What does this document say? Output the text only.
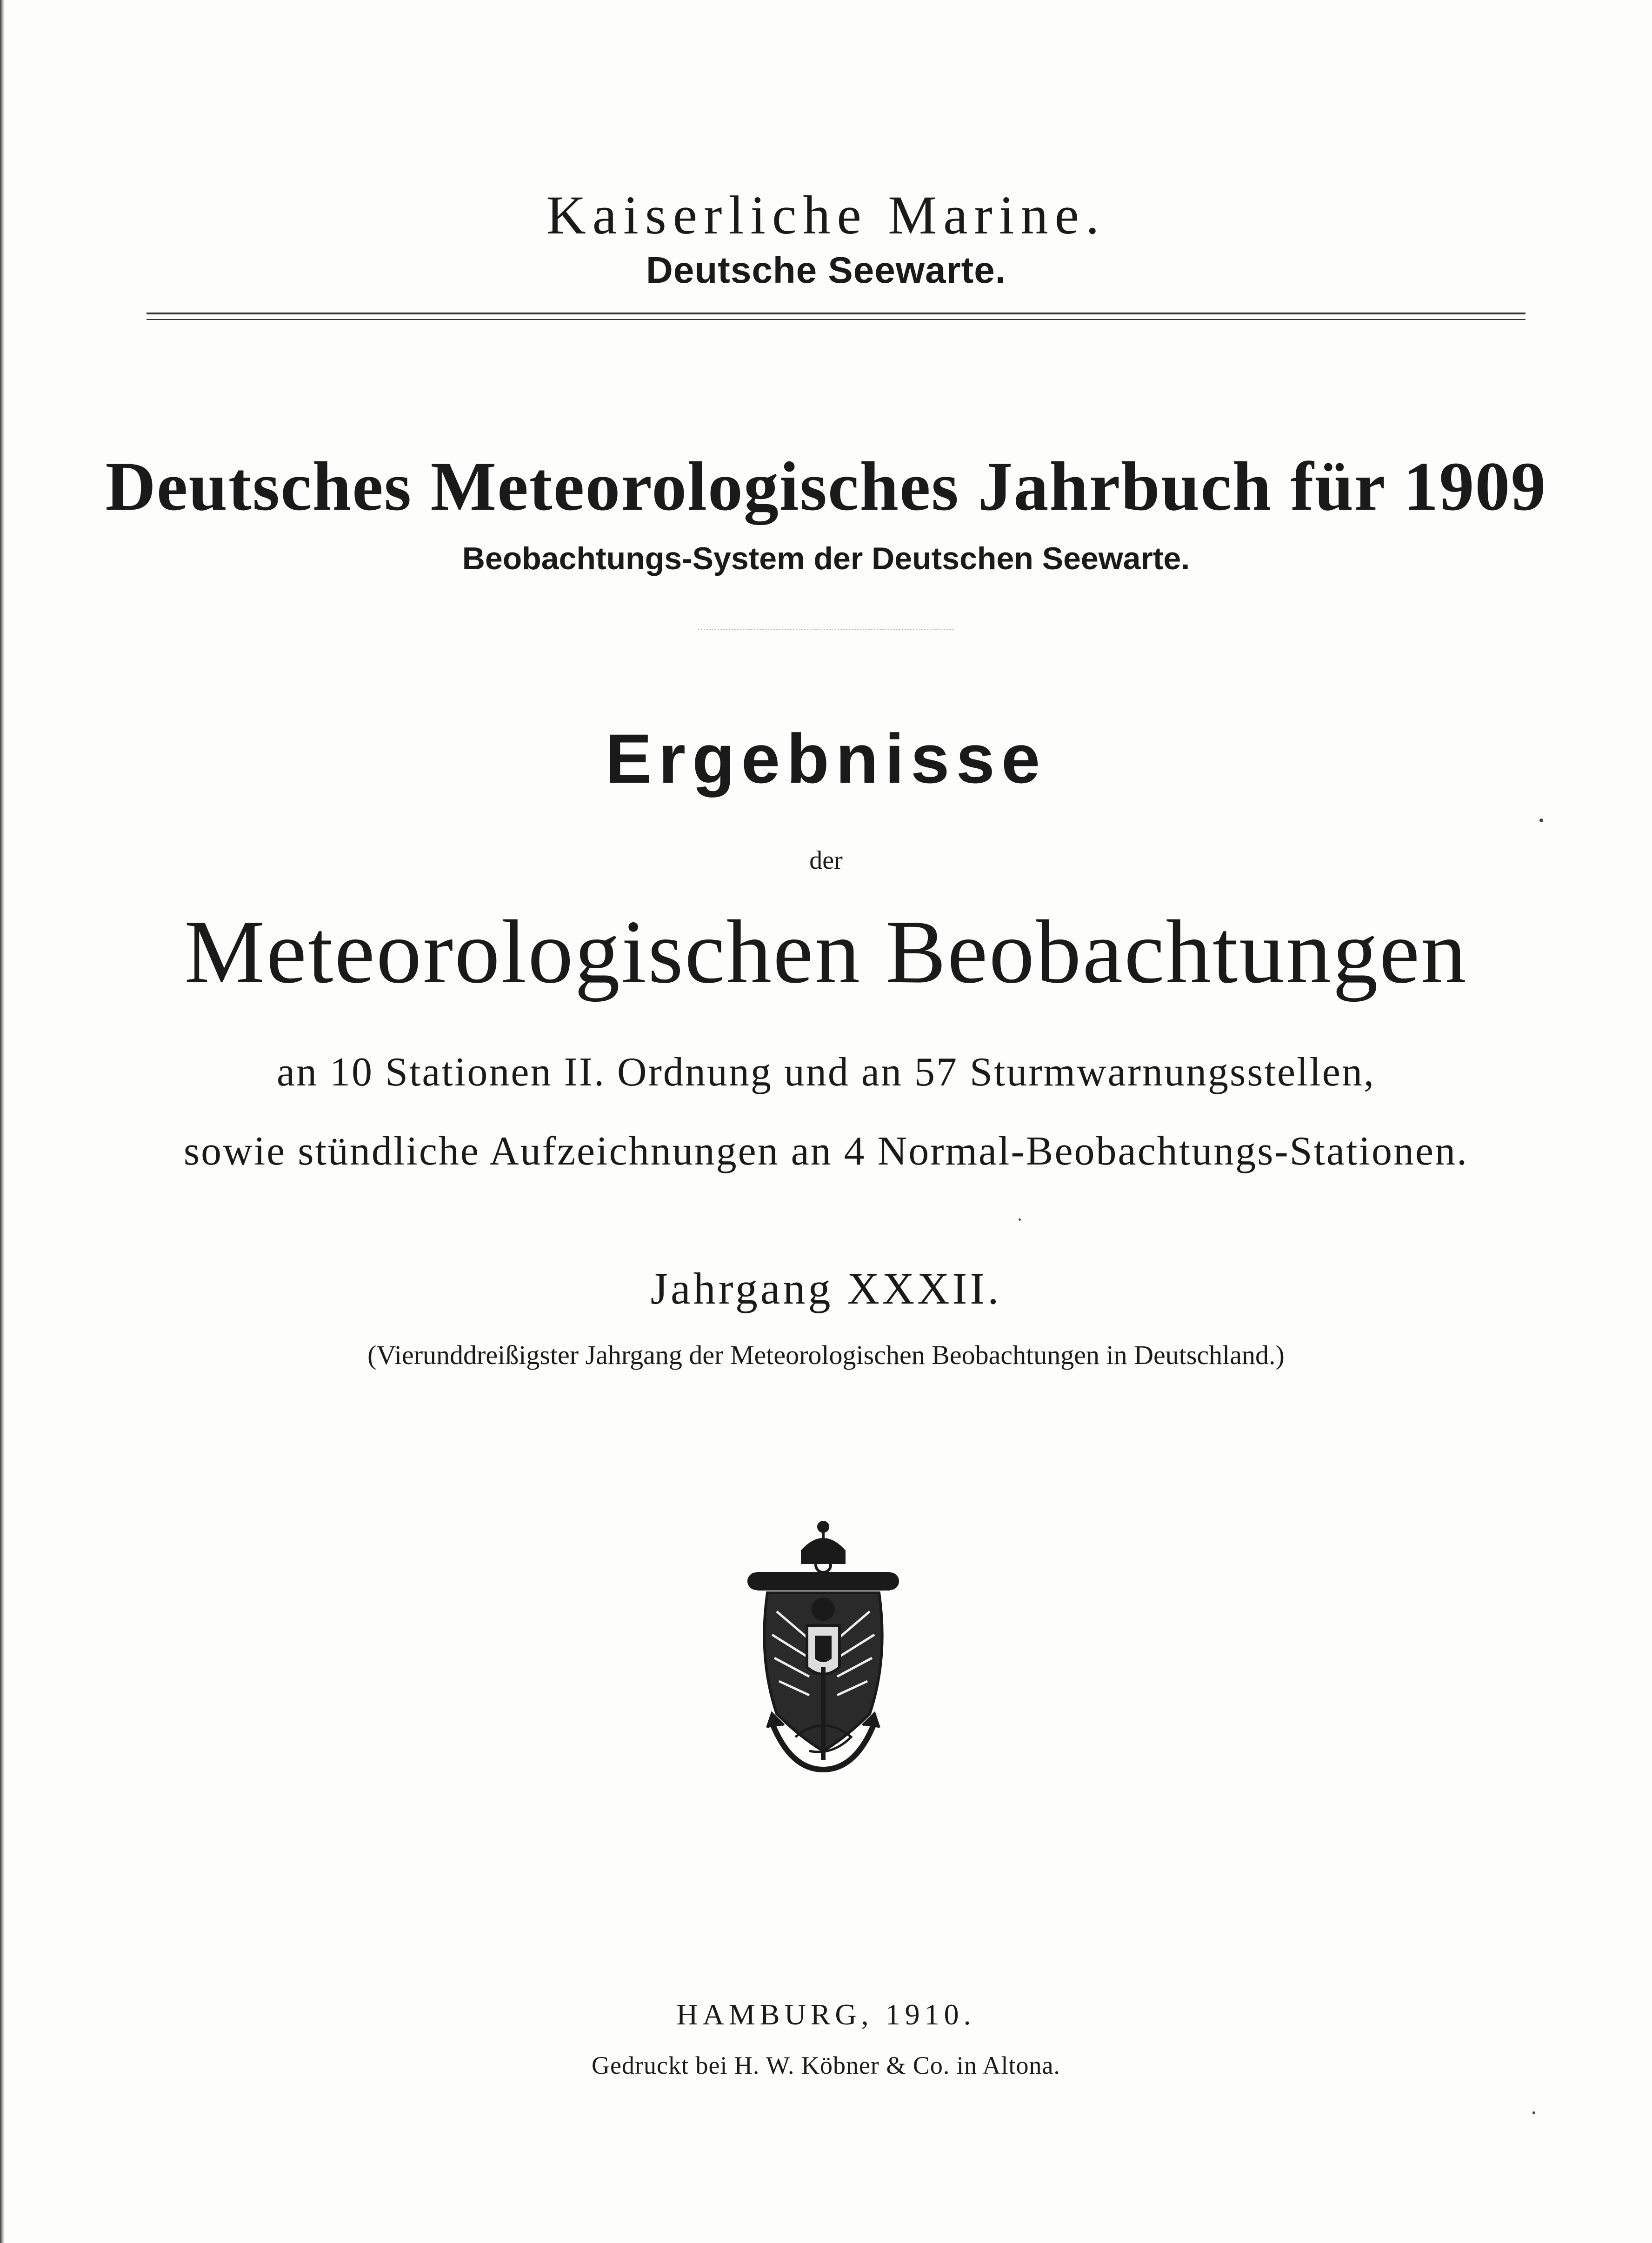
Kaiserliche Marine.
Deutsche Seewarte.
Deutsches Meteorologisches Jahrbuch für 1909
Beobachtungs-System der Deutschen Seewarte.
Ergebnisse
der
Meteorologischen Beobachtungen
an 10 Stationen II. Ordnung und an 57 Sturmwarnungsstellen,
sowie stündliche Aufzeichnungen an 4 Normal-Beobachtungs-Stationen.
Jahrgang XXXII.
(Vierunddreißigster Jahrgang der Meteorologischen Beobachtungen in Deutschland.)
HAMBURG, 1910.
Gedruckt bei H. W. Köbner & Co. in Altona.
